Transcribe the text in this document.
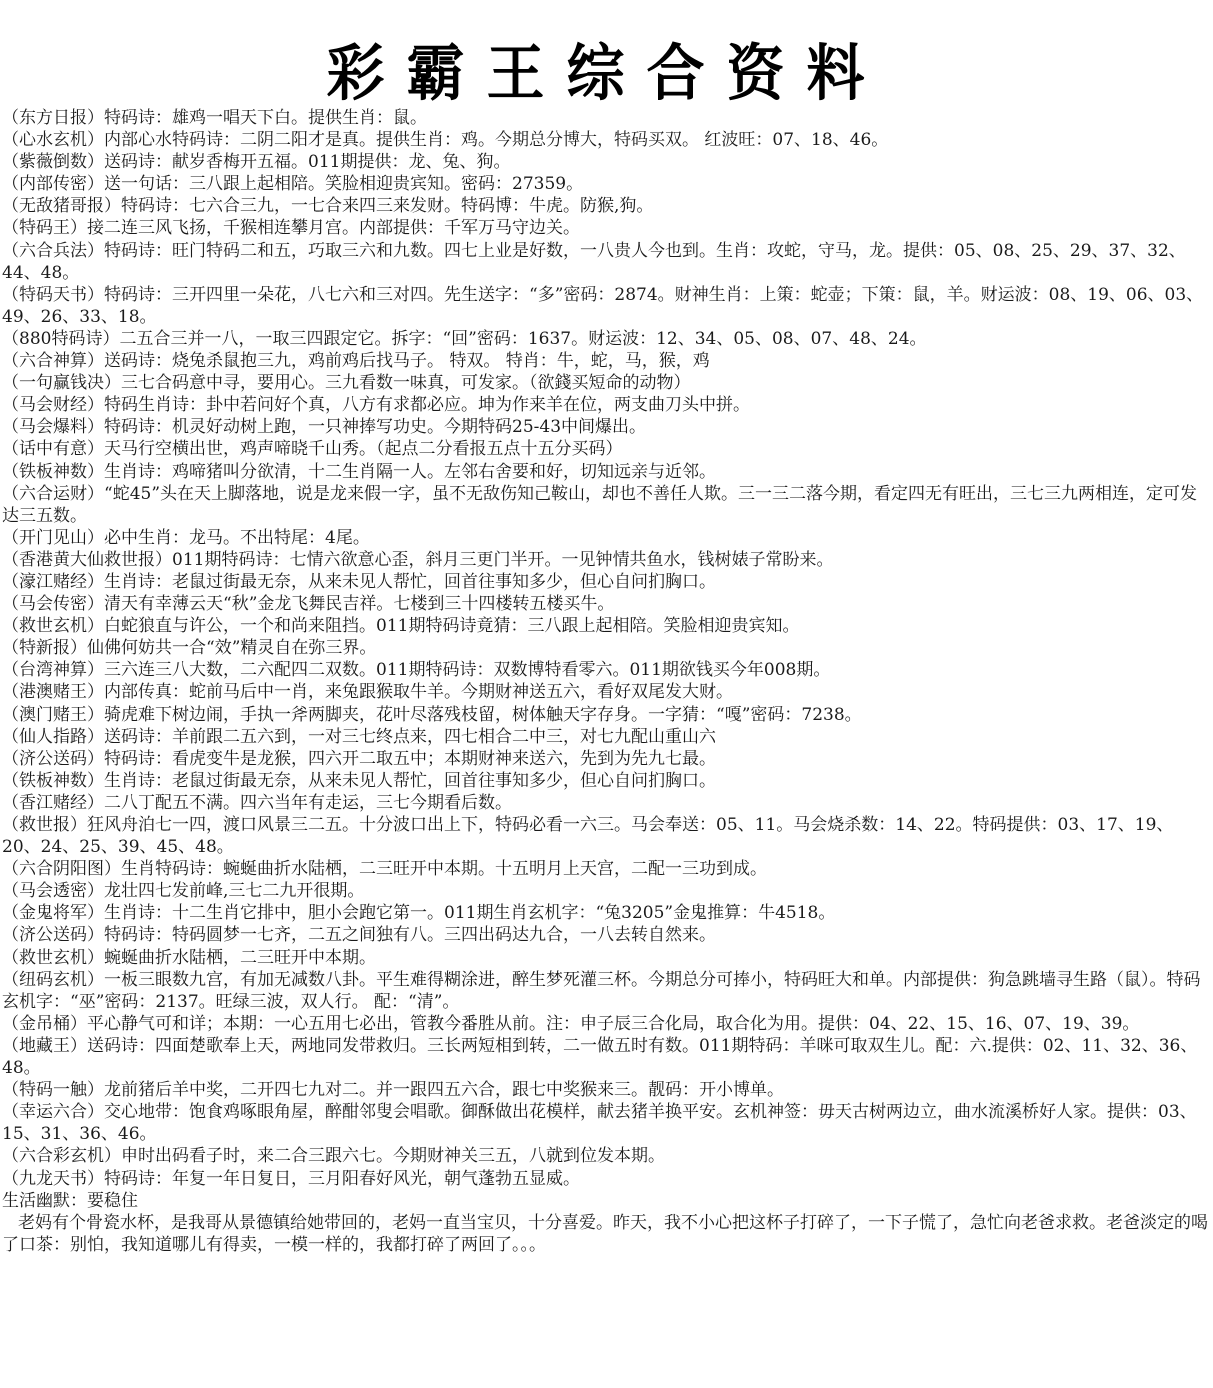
彩霸王综合资料
（东方日报）特码诗：雄鸡一唱天下白。提供生肖：鼠。
（心水玄机）内部心水特码诗：二阴二阳才是真。提供生肖：鸡。今期总分博大，特码买双。 红波旺：07、18、46。
（紫薇倒数）送码诗：献岁香梅开五福。011期提供：龙、兔、狗。
（内部传密）送一句话：三八跟上起相陪。笑脸相迎贵宾知。密码：27359。
（无敌猪哥报）特码诗：七六合三九，一七合来四三来发财。特码博：牛虎。防猴,狗。
（特码王）接二连三风飞扬，千猴相连攀月宫。内部提供：千军万马守边关。
（六合兵法）特码诗：旺门特码二和五，巧取三六和九数。四七上业是好数，一八贵人今也到。生肖：攻蛇，守马，龙。提供：05、08、25、29、37、32、44、48。
（特码天书）特码诗：三开四里一朵花，八七六和三对四。先生送字：“多”密码：2874。财神生肖：上策：蛇壶；下策：鼠，羊。财运波：08、19、06、03、49、26、33、18。
（880特码诗）二五合三并一八，一取三四跟定它。拆字：“回”密码：1637。财运波：12、34、05、08、07、48、24。
（六合神算）送码诗：烧兔杀鼠抱三九，鸡前鸡后找马子。 特双。 特肖：牛，蛇，马，猴，鸡
（一句赢钱决）三七合码意中寻，要用心。三九看数一味真，可发家。（欲錢买短命的动物）
（马会财经）特码生肖诗：卦中若问好个真，八方有求都必应。坤为作来羊在位，两支曲刀头中拼。
（马会爆料）特码诗：机灵好动树上跑，一只神捧写功史。今期特码25-43中间爆出。
（话中有意）天马行空横出世，鸡声啼晓千山秀。（起点二分看报五点十五分买码）
（铁板神数）生肖诗：鸡啼猪叫分欲清，十二生肖隔一人。左邻右舍要和好，切知远亲与近邻。
（六合运财）“蛇45”头在天上脚落地，说是龙来假一字，虽不无敌伤知己鞍山，却也不善任人欺。三一三二落今期，看定四无有旺出，三七三九两相连，定可发达三五数。
（开门见山）必中生肖：龙马。不出特尾：4尾。
（香港黄大仙救世报）011期特码诗：七情六欲意心歪，斜月三更门半开。一见钟情共鱼水，钱树婊子常盼来。
（濠江赌经）生肖诗：老鼠过街最无奈，从来未见人帮忙，回首往事知多少，但心自问扪胸口。
（马会传密）清天有幸薄云天“秋”金龙飞舞民吉祥。七楼到三十四楼转五楼买牛。
（救世玄机）白蛇狼直与许公，一个和尚来阻挡。011期特码诗竟猜：三八跟上起相陪。笑脸相迎贵宾知。
（特新报）仙佛何妨共一合“效”精灵自在弥三界。
（台湾神算）三六连三八大数，二六配四二双数。011期特码诗：双数博特看零六。011期欲钱买今年008期。
（港澳赌王）内部传真：蛇前马后中一肖，来兔跟猴取牛羊。今期财神送五六，看好双尾发大财。
（澳门赌王）骑虎难下树边闹，手执一斧两脚夹，花叶尽落残枝留，树体触天字存身。一字猜：“嘎”密码：7238。
（仙人指路）送码诗：羊前跟二五六到，一对三七终点来，四七相合二中三，对七九配山重山六
（济公送码）特码诗：看虎变牛是龙猴，四六开二取五中；本期财神来送六，先到为先九七最。
（铁板神数）生肖诗：老鼠过街最无奈，从来未见人帮忙，回首往事知多少，但心自问扪胸口。
（香江赌经）二八丁配五不满。四六当年有走运，三七今期看后数。
（救世报）狂风舟泊七一四，渡口风景三二五。十分波口出上下，特码必看一六三。马会奉送：05、11。马会烧杀数：14、22。特码提供：03、17、19、20、24、25、39、45、48。
（六合阴阳图）生肖特码诗：蜿蜒曲折水陆栖，二三旺开中本期。十五明月上天宫，二配一三功到成。
（马会透密）龙壮四七发前峰,三七二九开很期。
（金鬼将军）生肖诗：十二生肖它排中，胆小会跑它第一。011期生肖玄机字：“兔3205”金鬼推算：牛4518。
（济公送码）特码诗：特码圆梦一七齐，二五之间独有八。三四出码达九合，一八去转自然来。
（救世玄机）蜿蜒曲折水陆栖，二三旺开中本期。
（纽码玄机）一板三眼数九宫，有加无减数八卦。平生难得糊涂进，醉生梦死灌三杯。今期总分可捧小，特码旺大和单。内部提供：狗急跳墙寻生路（鼠）。特码玄机字：“巫”密码：2137。旺绿三波，双人行。 配：“清”。
（金吊桶）平心静气可和详；本期：一心五用七必出，管教今番胜从前。注：申子辰三合化局，取合化为用。提供：04、22、15、16、07、19、39。
（地藏王）送码诗：四面楚歌奉上天，两地同发带救归。三长两短相到转，二一做五时有数。011期特码：羊咪可取双生儿。配：六.提供：02、11、32、36、48。
（特码一触）龙前猪后羊中奖，二开四七九对二。并一跟四五六合，跟七中奖猴来三。靓码：开小博单。
（幸运六合）交心地带：饱食鸡啄眼角屋，醉酣邻叟会唱歌。御酥做出花模样，献去猪羊换平安。玄机神签：毋天古树两边立，曲水流溪桥好人家。提供：03、15、31、36、46。
（六合彩玄机）申时出码看子时，来二合三跟六七。今期财神关三五，八就到位发本期。
（九龙天书）特码诗：年复一年日复日，三月阳春好风光，朝气蓬勃五显威。
生活幽默：要稳住
老妈有个骨瓷水杯，是我哥从景德镇给她带回的，老妈一直当宝贝，十分喜爱。昨天，我不小心把这杯子打碎了，一下子慌了，急忙向老爸求救。老爸淡定的喝了口茶：别怕，我知道哪儿有得卖，一模一样的，我都打碎了两回了。。。
